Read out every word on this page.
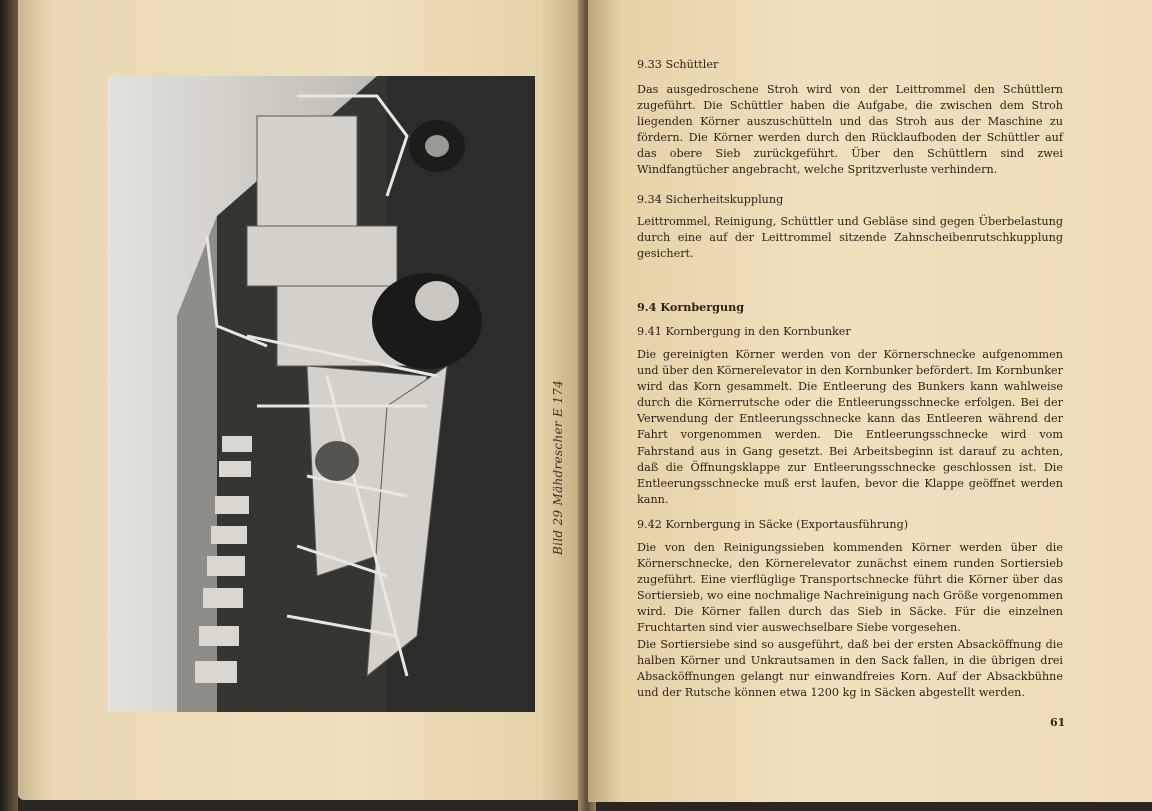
Bild 29 Mähdrescher E 174
9.33 Schüttler

Das ausgedroschene Stroh wird von der Leittrommel den Schüttlern zugeführt. Die Schüttler haben die Aufgabe, die zwischen dem Stroh liegenden Körner auszuschütteln und das Stroh aus der Maschine zu fördern. Die Körner werden durch den Rücklaufboden der Schüttler auf das obere Sieb zurückgeführt. Über den Schüttlern sind zwei Windfangtücher angebracht, welche Spritzverluste verhindern.

9.34 Sicherheitskupplung

Leittrommel, Reinigung, Schüttler und Gebläse sind gegen Überbelastung durch eine auf der Leittrommel sitzende Zahnscheibenrutschkupplung gesichert.

9.4 Kornbergung
9.41 Kornbergung in den Kornbunker

Die gereinigten Körner werden von der Körnerschnecke aufgenommen und über den Körnerelevator in den Kornbunker befördert. Im Kornbunker wird das Korn gesammelt. Die Entleerung des Bunkers kann wahlweise durch die Körnerrutsche oder die Entleerungsschnecke erfolgen. Bei der Verwendung der Entleerungsschnecke kann das Entleeren während der Fahrt vorgenommen werden. Die Entleerungsschnecke wird vom Fahrstand aus in Gang gesetzt. Bei Arbeitsbeginn ist darauf zu achten, daß die Öffnungsklappe zur Entleerungsschnecke geschlossen ist. Die Entleerungsschnecke muß erst laufen, bevor die Klappe geöffnet werden kann.

9.42 Kornbergung in Säcke (Exportausführung)

Die von den Reinigungssieben kommenden Körner werden über die Körnerschnecke, den Körnerelevator zunächst einem runden Sortiersieb zugeführt. Eine vierflüglige Transportschnecke führt die Körner über das Sortiersieb, wo eine nochmalige Nachreinigung nach Größe vorgenommen wird. Die Körner fallen durch das Sieb in Säcke. Für die einzelnen Fruchtarten sind vier auswechselbare Siebe vorgesehen.

Die Sortiersiebe sind so ausgeführt, daß bei der ersten Absacköffnung die halben Körner und Unkrautsamen in den Sack fallen, in die übrigen drei Absacköffnungen gelangt nur einwandfreies Korn. Auf der Absackbühne und der Rutsche können etwa 1200 kg in Säcken abgestellt werden.

61
